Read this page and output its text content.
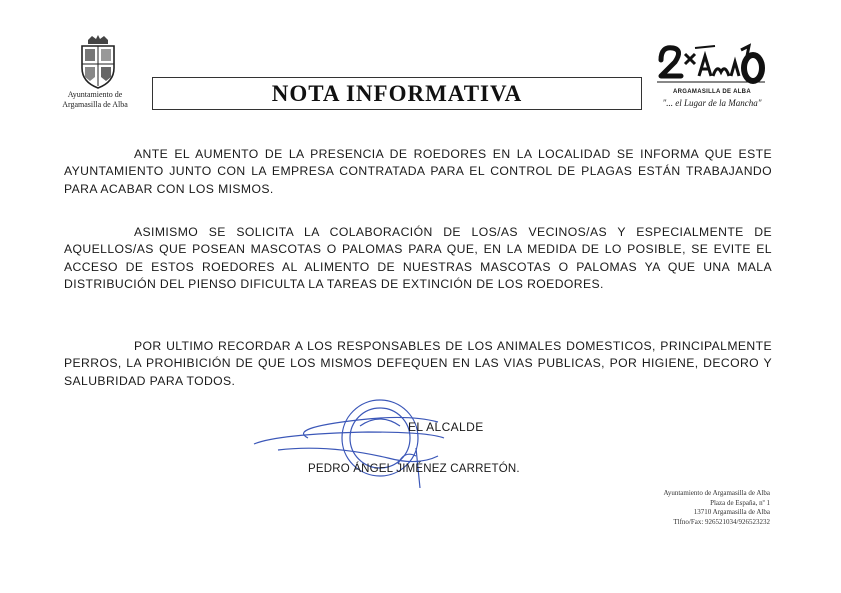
Ayuntamiento de
Argamasilla de Alba	NOTA INFORMATIVA	ARGAMASILLA DE ALBA
"... el Lugar de la Mancha"

ANTE EL AUMENTO DE LA PRESENCIA DE ROEDORES EN LA LOCALIDAD SE INFORMA QUE ESTE AYUNTAMIENTO JUNTO CON LA EMPRESA CONTRATADA PARA EL CONTROL DE PLAGAS ESTÁN TRABAJANDO PARA ACABAR CON LOS MISMOS.

ASIMISMO SE SOLICITA LA COLABORACIÓN DE LOS/AS VECINOS/AS Y ESPECIALMENTE DE AQUELLOS/AS QUE POSEAN MASCOTAS O PALOMAS PARA QUE, EN LA MEDIDA DE LO POSIBLE, SE EVITE EL ACCESO DE ESTOS ROEDORES AL ALIMENTO DE NUESTRAS MASCOTAS O PALOMAS YA QUE UNA MALA DISTRIBUCIÓN DEL PIENSO DIFICULTA LA TAREAS DE EXTINCIÓN DE LOS ROEDORES.

POR ULTIMO RECORDAR A LOS RESPONSABLES DE LOS ANIMALES DOMESTICOS, PRINCIPALMENTE PERROS, LA PROHIBICIÓN DE QUE LOS MISMOS DEFEQUEN EN LAS VIAS PUBLICAS, POR HIGIENE, DECORO Y SALUBRIDAD PARA TODOS.

EL ALCALDE
PEDRO ÁNGEL JIMÉNEZ CARRETÓN.
Ayuntamiento de Argamasilla de Alba
Plaza de España, nº 1
13710 Argamasilla de Alba
Tlfno/Fax: 926521034/926523232
